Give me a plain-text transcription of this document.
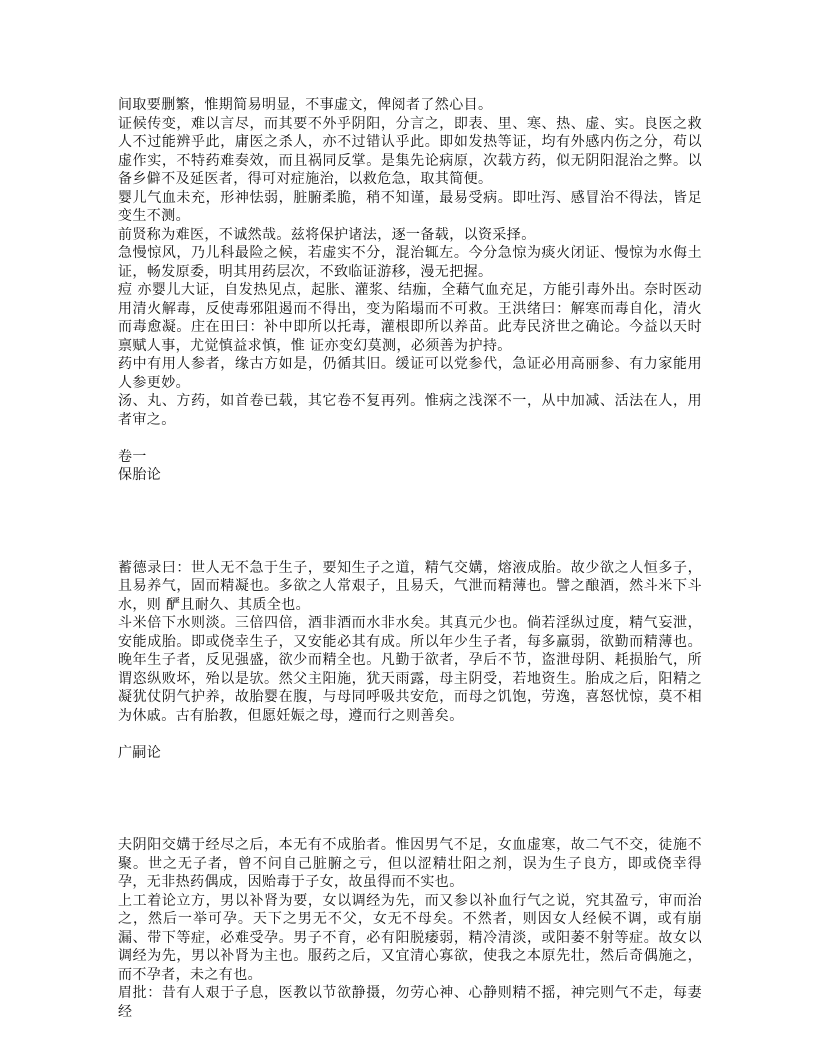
间取要删繁，惟期简易明显，不事虚文，俾阅者了然心目。

证候传变，难以言尽，而其要不外乎阴阳，分言之，即表、里、寒、热、虚、实。良医之救人不过能辨乎此，庸医之杀人，亦不过错认乎此。即如发热等证，均有外感内伤之分，苟以虚作实，不特药难奏效，而且祸同反掌。是集先论病原，次载方药，似无阴阳混治之弊。以备乡僻不及延医者，得可对症施治，以救危急，取其简便。

婴儿气血未充，形神怯弱，脏腑柔脆，稍不知谨，最易受病。即吐泻、感冒治不得法，皆足变生不测。

前贤称为难医，不诚然哉。兹将保护诸法，逐一备载，以资采择。

急慢惊风，乃儿科最险之候，若虚实不分，混治辄左。今分急惊为痰火闭证、慢惊为水侮土证，畅发原委，明其用药层次，不致临证游移，漫无把握。

痘 亦婴儿大证，自发热见点，起胀、灌浆、结痂，全藉气血充足，方能引毒外出。奈时医动用清火解毒，反使毒邪阻遏而不得出，变为陷塌而不可救。王洪绪曰：解寒而毒自化，清火而毒愈凝。庄在田曰：补中即所以托毒，灌根即所以养苗。此寿民济世之确论。今益以天时禀赋人事，尤觉慎益求慎，惟 证亦变幻莫测，必须善为护持。

药中有用人参者，缘古方如是，仍循其旧。缓证可以党参代，急证必用高丽参、有力家能用人参更妙。

汤、丸、方药，如首卷已载，其它卷不复再列。惟病之浅深不一，从中加减、活法在人，用者审之。

卷一

保胎论

蓄德录曰：世人无不急于生子，要知生子之道，精气交媾，熔液成胎。故少欲之人恒多子，且易养气，固而精凝也。多欲之人常艰子，且易夭，气泄而精薄也。譬之酿酒，然斗米下斗水，则 酽且耐久、其质全也。

斗米倍下水则淡。三倍四倍，酒非酒而水非水矣。其真元少也。倘若淫纵过度，精气妄泄，安能成胎。即或侥幸生子，又安能必其有成。所以年少生子者，每多羸弱，欲勤而精薄也。晚年生子者，反见强盛，欲少而精全也。凡勤于欲者，孕后不节，盗泄母阴、耗损胎气，所谓恣纵败坏，殆以是欤。然父主阳施，犹天雨露，母主阴受，若地资生。胎成之后，阳精之凝犹仗阴气护养，故胎婴在腹，与母同呼吸共安危，而母之饥饱，劳逸，喜怒忧惊，莫不相为休戚。古有胎教，但愿妊娠之母，遵而行之则善矣。

广嗣论

夫阴阳交媾于经尽之后，本无有不成胎者。惟因男气不足，女血虚寒，故二气不交，徒施不聚。世之无子者，曾不问自己脏腑之亏，但以涩精壮阳之剂，误为生子良方，即或侥幸得孕，无非热药偶成，因贻毒于子女，故虽得而不实也。

上工着论立方，男以补肾为要，女以调经为先，而又参以补血行气之说，究其盈亏，审而治之，然后一举可孕。天下之男无不父，女无不母矣。不然者，则因女人经候不调，或有崩漏、带下等症，必难受孕。男子不育，必有阳脱痿弱，精冷清淡，或阳萎不射等症。故女以调经为先，男以补肾为主也。服药之后，又宜清心寡欲，使我之本原先壮，然后奇偶施之，而不孕者，未之有也。

眉批：昔有人艰于子息，医教以节欲静摄，勿劳心神、心静则精不摇，神完则气不走，每妻经
